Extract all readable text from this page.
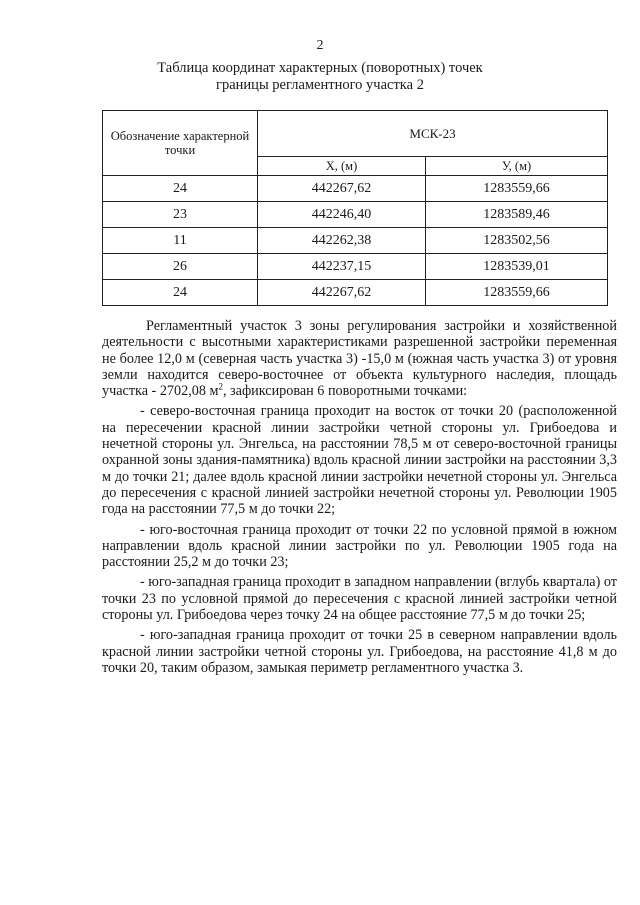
2
Таблица координат характерных (поворотных) точек
границы регламентного участка 2
Обозначение характерной точки	МСК-23	
	X, (м)	У, (м)
24	442267,62	1283559,66
23	442246,40	1283589,46
11	442262,38	1283502,56
26	442237,15	1283539,01
24	442267,62	1283559,66

Регламентный участок 3 зоны регулирования застройки и хозяйственной деятельности с высотными характеристиками разрешенной застройки переменная не более 12,0 м (северная часть участка 3) -15,0 м (южная часть участка 3) от уровня земли находится северо-восточнее от объекта культурного наследия, площадь участка - 2702,08 $м^2$, зафиксирован 6 поворотными точками:

- северо-восточная граница проходит на восток от точки 20 (расположенной на пересечении красной линии застройки четной стороны ул. Грибоедова и нечетной стороны ул. Энгельса, на расстоянии 78,5 м от северо-восточной границы охранной зоны здания-памятника) вдоль красной линии застройки на расстоянии 3,3 м до точки 21; далее вдоль красной линии застройки нечетной стороны ул. Энгельса до пересечения с красной линией застройки нечетной стороны ул. Революции 1905 года на расстоянии 77,5 м до точки 22;

- юго-восточная граница проходит от точки 22 по условной прямой в южном направлении вдоль красной линии застройки по ул. Революции 1905 года на расстоянии 25,2 м до точки 23;

- юго-западная граница проходит в западном направлении (вглубь квартала) от точки 23 по условной прямой до пересечения с красной линией застройки четной стороны ул. Грибоедова через точку 24 на общее расстояние 77,5 м до точки 25;

- юго-западная граница проходит от точки 25 в северном направлении вдоль красной линии застройки четной стороны ул. Грибоедова, на расстояние 41,8 м до точки 20, таким образом, замыкая периметр регламентного участка 3.
